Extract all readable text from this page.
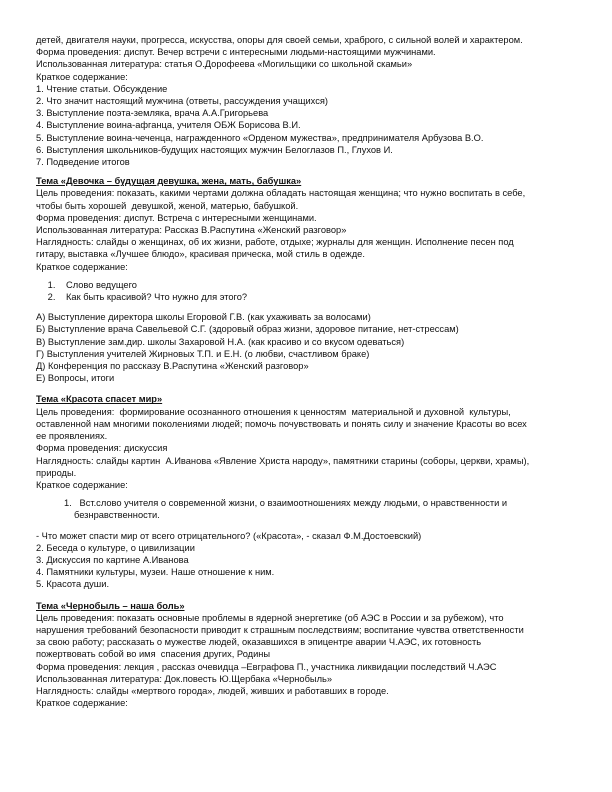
детей, двигателя науки, прогресса, искусства, опоры для своей семьи, храброго, с сильной волей и характером.
Форма проведения: диспут. Вечер встречи с интересными людьми-настоящими мужчинами.
Использованная литература: статья О.Дорофеева «Могильщики со школьной скамьи»
Краткое содержание:
1. Чтение статьи. Обсуждение
2. Что значит настоящий мужчина (ответы, рассуждения учащихся)
3. Выступление поэта-земляка, врача А.А.Григорьева
4. Выступление воина-афганца, учителя ОБЖ Борисова В.И.
5. Выступление воина-чеченца, награжденного «Орденом мужества», предпринимателя Арбузова В.О.
6. Выступления школьников-будущих настоящих мужчин Белоглазов П., Глухов И.
7. Подведение итогов
Тема «Девочка – будущая девушка, жена, мать, бабушка»
Цель проведения: показать, какими чертами должна обладать настоящая женщина; что нужно воспитать в себе,
чтобы быть хорошей  девушкой, женой, матерью, бабушкой.
Форма проведения: диспут. Встреча с интересными женщинами.
Использованная литература: Рассказ В.Распутина «Женский разговор»
Наглядность: слайды о женщинах, об их жизни, работе, отдыхе; журналы для женщин. Исполнение песен под
гитару, выставка «Лучшее блюдо», красивая прическа, мой стиль в одежде.
Краткое содержание:
1. Слово ведущего
2. Как быть красивой? Что нужно для этого?
А) Выступление директора школы Егоровой Г.В. (как ухаживать за волосами)
Б) Выступление врача Савельевой С.Г. (здоровый образ жизни, здоровое питание, нет-стрессам)
В) Выступление зам.дир. школы Захаровой Н.А. (как красиво и со вкусом одеваться)
Г) Выступления учителей Жирновых Т.П. и Е.Н. (о любви, счастливом браке)
Д) Конференция по рассказу В.Распутина «Женский разговор»
Е) Вопросы, итоги
Тема «Красота спасет мир»
Цель проведения:  формирование осознанного отношения к ценностям  материальной и духовной  культуры,
оставленной нам многими поколениями людей; помочь почувствовать и понять силу и значение Красоты во всех
ее проявлениях.
Форма проведения: дискуссия
Наглядность: слайды картин  А.Иванова «Явление Христа народу», памятники старины (соборы, церкви, храмы),
природы.
Краткое содержание:
1. Вст.слово учителя о современной жизни, о взаимоотношениях между людьми, о нравственности и
безнравственности.
- Что может спасти мир от всего отрицательного? («Красота», - сказал Ф.М.Достоевский)
2. Беседа о культуре, о цивилизации
3. Дискуссия по картине А.Иванова
4. Памятники культуры, музеи. Наше отношение к ним.
5. Красота души.
Тема «Чернобыль – наша боль»
Цель проведения: показать основные проблемы в ядерной энергетике (об АЭС в России и за рубежом), что
нарушения требований безопасности приводит к страшным последствиям; воспитание чувства ответственности
за свою работу; рассказать о мужестве людей, оказавшихся в эпицентре аварии Ч.АЭС, их готовность
пожертвовать собой во имя  спасения других, Родины
Форма проведения: лекция , рассказ очевидца –Евграфова П., участника ликвидации последствий Ч.АЭС
Использованная литература: Док.повесть Ю.Щербака «Чернобыль»
Наглядность: слайды «мертвого города», людей, живших и работавших в городе.
Краткое содержание:
